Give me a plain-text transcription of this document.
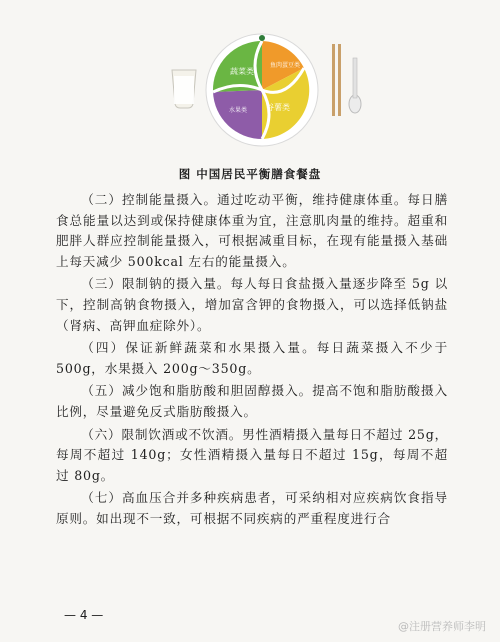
蔬菜类
鱼肉蛋豆类
水果类 谷薯类
图 中国居民平衡膳食餐盘

（二）控制能量摄入。通过吃动平衡，维持健康体重。每日膳食总能量以达到或保持健康体重为宜，注意肌肉量的维持。超重和肥胖人群应控制能量摄入，可根据减重目标，在现有能量摄入基础上每天减少 500kcal 左右的能量摄入。

（三）限制钠的摄入量。每人每日食盐摄入量逐步降至 5g 以下，控制高钠食物摄入，增加富含钾的食物摄入，可以选择低钠盐（肾病、高钾血症除外）。

（四）保证新鲜蔬菜和水果摄入量。每日蔬菜摄入不少于 500g，水果摄入 200g～350g。

（五）减少饱和脂肪酸和胆固醇摄入。提高不饱和脂肪酸摄入比例，尽量避免反式脂肪酸摄入。

（六）限制饮酒或不饮酒。男性酒精摄入量每日不超过 25g，每周不超过 140g；女性酒精摄入量每日不超过 15g，每周不超过 80g。

（七）高血压合并多种疾病患者，可采纳相对应疾病饮食指导原则。如出现不一致，可根据不同疾病的严重程度进行合

— 4 —
@注册营养师李明
